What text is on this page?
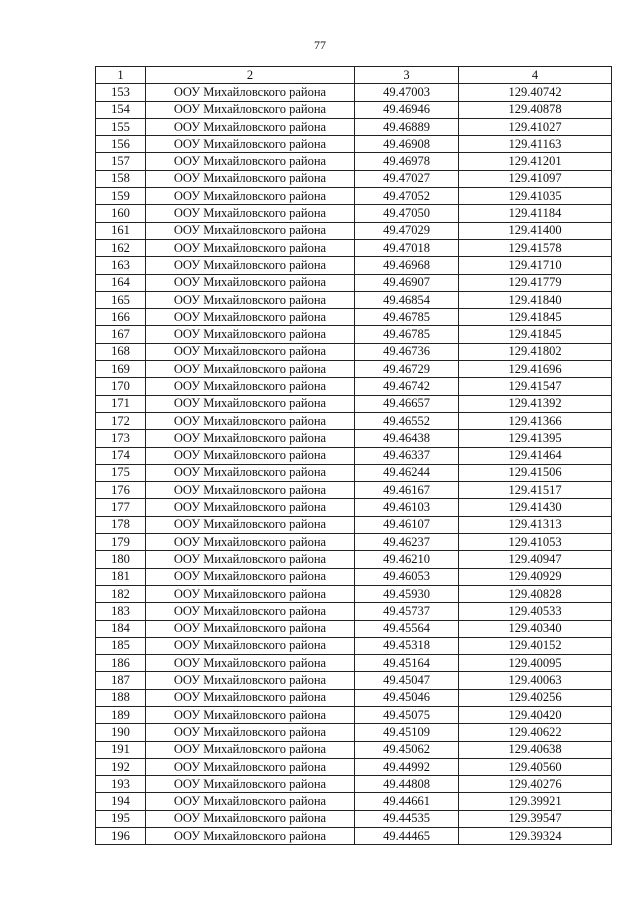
77
1	2	3	4
153	ООУ Михайловского района	49.47003	129.40742
154	ООУ Михайловского района	49.46946	129.40878
155	ООУ Михайловского района	49.46889	129.41027
156	ООУ Михайловского района	49.46908	129.41163
157	ООУ Михайловского района	49.46978	129.41201
158	ООУ Михайловского района	49.47027	129.41097
159	ООУ Михайловского района	49.47052	129.41035
160	ООУ Михайловского района	49.47050	129.41184
161	ООУ Михайловского района	49.47029	129.41400
162	ООУ Михайловского района	49.47018	129.41578
163	ООУ Михайловского района	49.46968	129.41710
164	ООУ Михайловского района	49.46907	129.41779
165	ООУ Михайловского района	49.46854	129.41840
166	ООУ Михайловского района	49.46785	129.41845
167	ООУ Михайловского района	49.46785	129.41845
168	ООУ Михайловского района	49.46736	129.41802
169	ООУ Михайловского района	49.46729	129.41696
170	ООУ Михайловского района	49.46742	129.41547
171	ООУ Михайловского района	49.46657	129.41392
172	ООУ Михайловского района	49.46552	129.41366
173	ООУ Михайловского района	49.46438	129.41395
174	ООУ Михайловского района	49.46337	129.41464
175	ООУ Михайловского района	49.46244	129.41506
176	ООУ Михайловского района	49.46167	129.41517
177	ООУ Михайловского района	49.46103	129.41430
178	ООУ Михайловского района	49.46107	129.41313
179	ООУ Михайловского района	49.46237	129.41053
180	ООУ Михайловского района	49.46210	129.40947
181	ООУ Михайловского района	49.46053	129.40929
182	ООУ Михайловского района	49.45930	129.40828
183	ООУ Михайловского района	49.45737	129.40533
184	ООУ Михайловского района	49.45564	129.40340
185	ООУ Михайловского района	49.45318	129.40152
186	ООУ Михайловского района	49.45164	129.40095
187	ООУ Михайловского района	49.45047	129.40063
188	ООУ Михайловского района	49.45046	129.40256
189	ООУ Михайловского района	49.45075	129.40420
190	ООУ Михайловского района	49.45109	129.40622
191	ООУ Михайловского района	49.45062	129.40638
192	ООУ Михайловского района	49.44992	129.40560
193	ООУ Михайловского района	49.44808	129.40276
194	ООУ Михайловского района	49.44661	129.39921
195	ООУ Михайловского района	49.44535	129.39547
196	ООУ Михайловского района	49.44465	129.39324
